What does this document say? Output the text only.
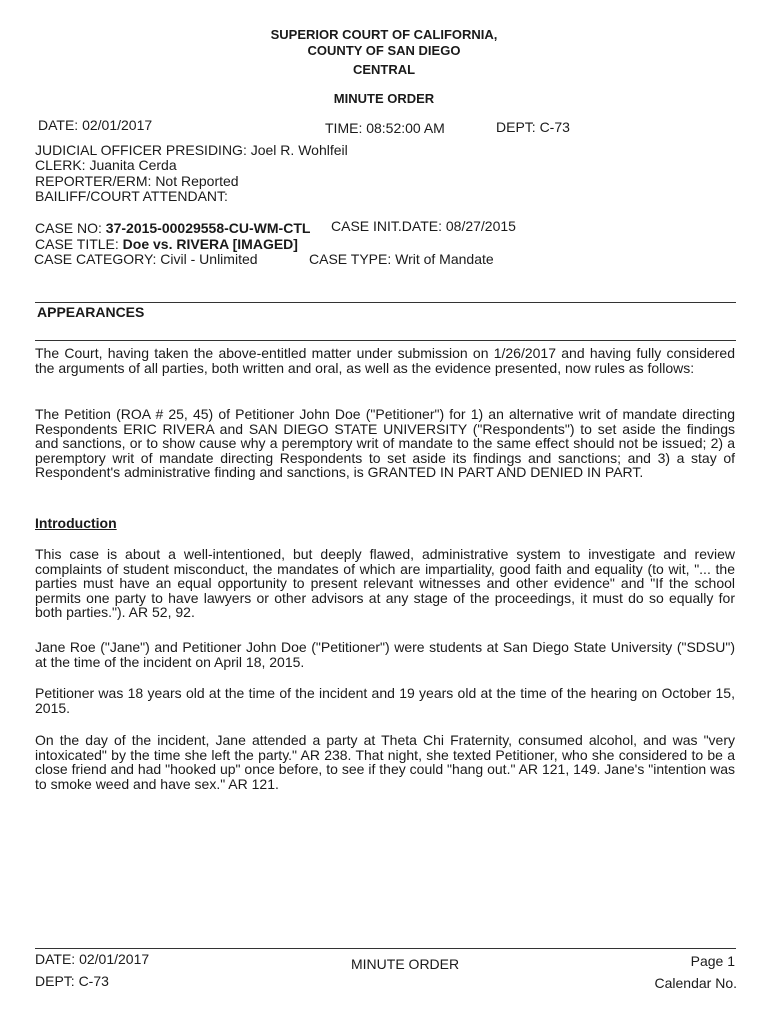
SUPERIOR COURT OF CALIFORNIA,
COUNTY OF SAN DIEGO
CENTRAL
MINUTE ORDER
DATE: 02/01/2017	TIME: 08:52:00 AM	DEPT: C-73
JUDICIAL OFFICER PRESIDING: Joel R. Wohlfeil
CLERK: Juanita Cerda
REPORTER/ERM: Not Reported
BAILIFF/COURT ATTENDANT:
CASE NO: 37-2015-00029558-CU-WM-CTL CASE INIT.DATE: 08/27/2015
CASE TITLE: Doe vs. RIVERA [IMAGED]
CASE CATEGORY: Civil - Unlimited	CASE TYPE: Writ of Mandate
APPEARANCES
The Court, having taken the above-entitled matter under submission on 1/26/2017 and having fully considered the arguments of all parties, both written and oral, as well as the evidence presented, now rules as follows:
The Petition (ROA # 25, 45) of Petitioner John Doe ("Petitioner") for 1) an alternative writ of mandate directing Respondents ERIC RIVERA and SAN DIEGO STATE UNIVERSITY ("Respondents") to set aside the findings and sanctions, or to show cause why a peremptory writ of mandate to the same effect should not be issued; 2) a peremptory writ of mandate directing Respondents to set aside its findings and sanctions; and 3) a stay of Respondent's administrative finding and sanctions, is GRANTED IN PART AND DENIED IN PART.
Introduction
This case is about a well-intentioned, but deeply flawed, administrative system to investigate and review complaints of student misconduct, the mandates of which are impartiality, good faith and equality (to wit, "... the parties must have an equal opportunity to present relevant witnesses and other evidence" and "If the school permits one party to have lawyers or other advisors at any stage of the proceedings, it must do so equally for both parties."). AR 52, 92.
Jane Roe ("Jane") and Petitioner John Doe ("Petitioner") were students at San Diego State University ("SDSU") at the time of the incident on April 18, 2015.
Petitioner was 18 years old at the time of the incident and 19 years old at the time of the hearing on October 15, 2015.
On the day of the incident, Jane attended a party at Theta Chi Fraternity, consumed alcohol, and was "very intoxicated" by the time she left the party." AR 238. That night, she texted Petitioner, who she considered to be a close friend and had "hooked up" once before, to see if they could "hang out." AR 121, 149. Jane's "intention was to smoke weed and have sex." AR 121.
DATE: 02/01/2017
DEPT: C-73
MINUTE ORDER	Page 1
Calendar No.
